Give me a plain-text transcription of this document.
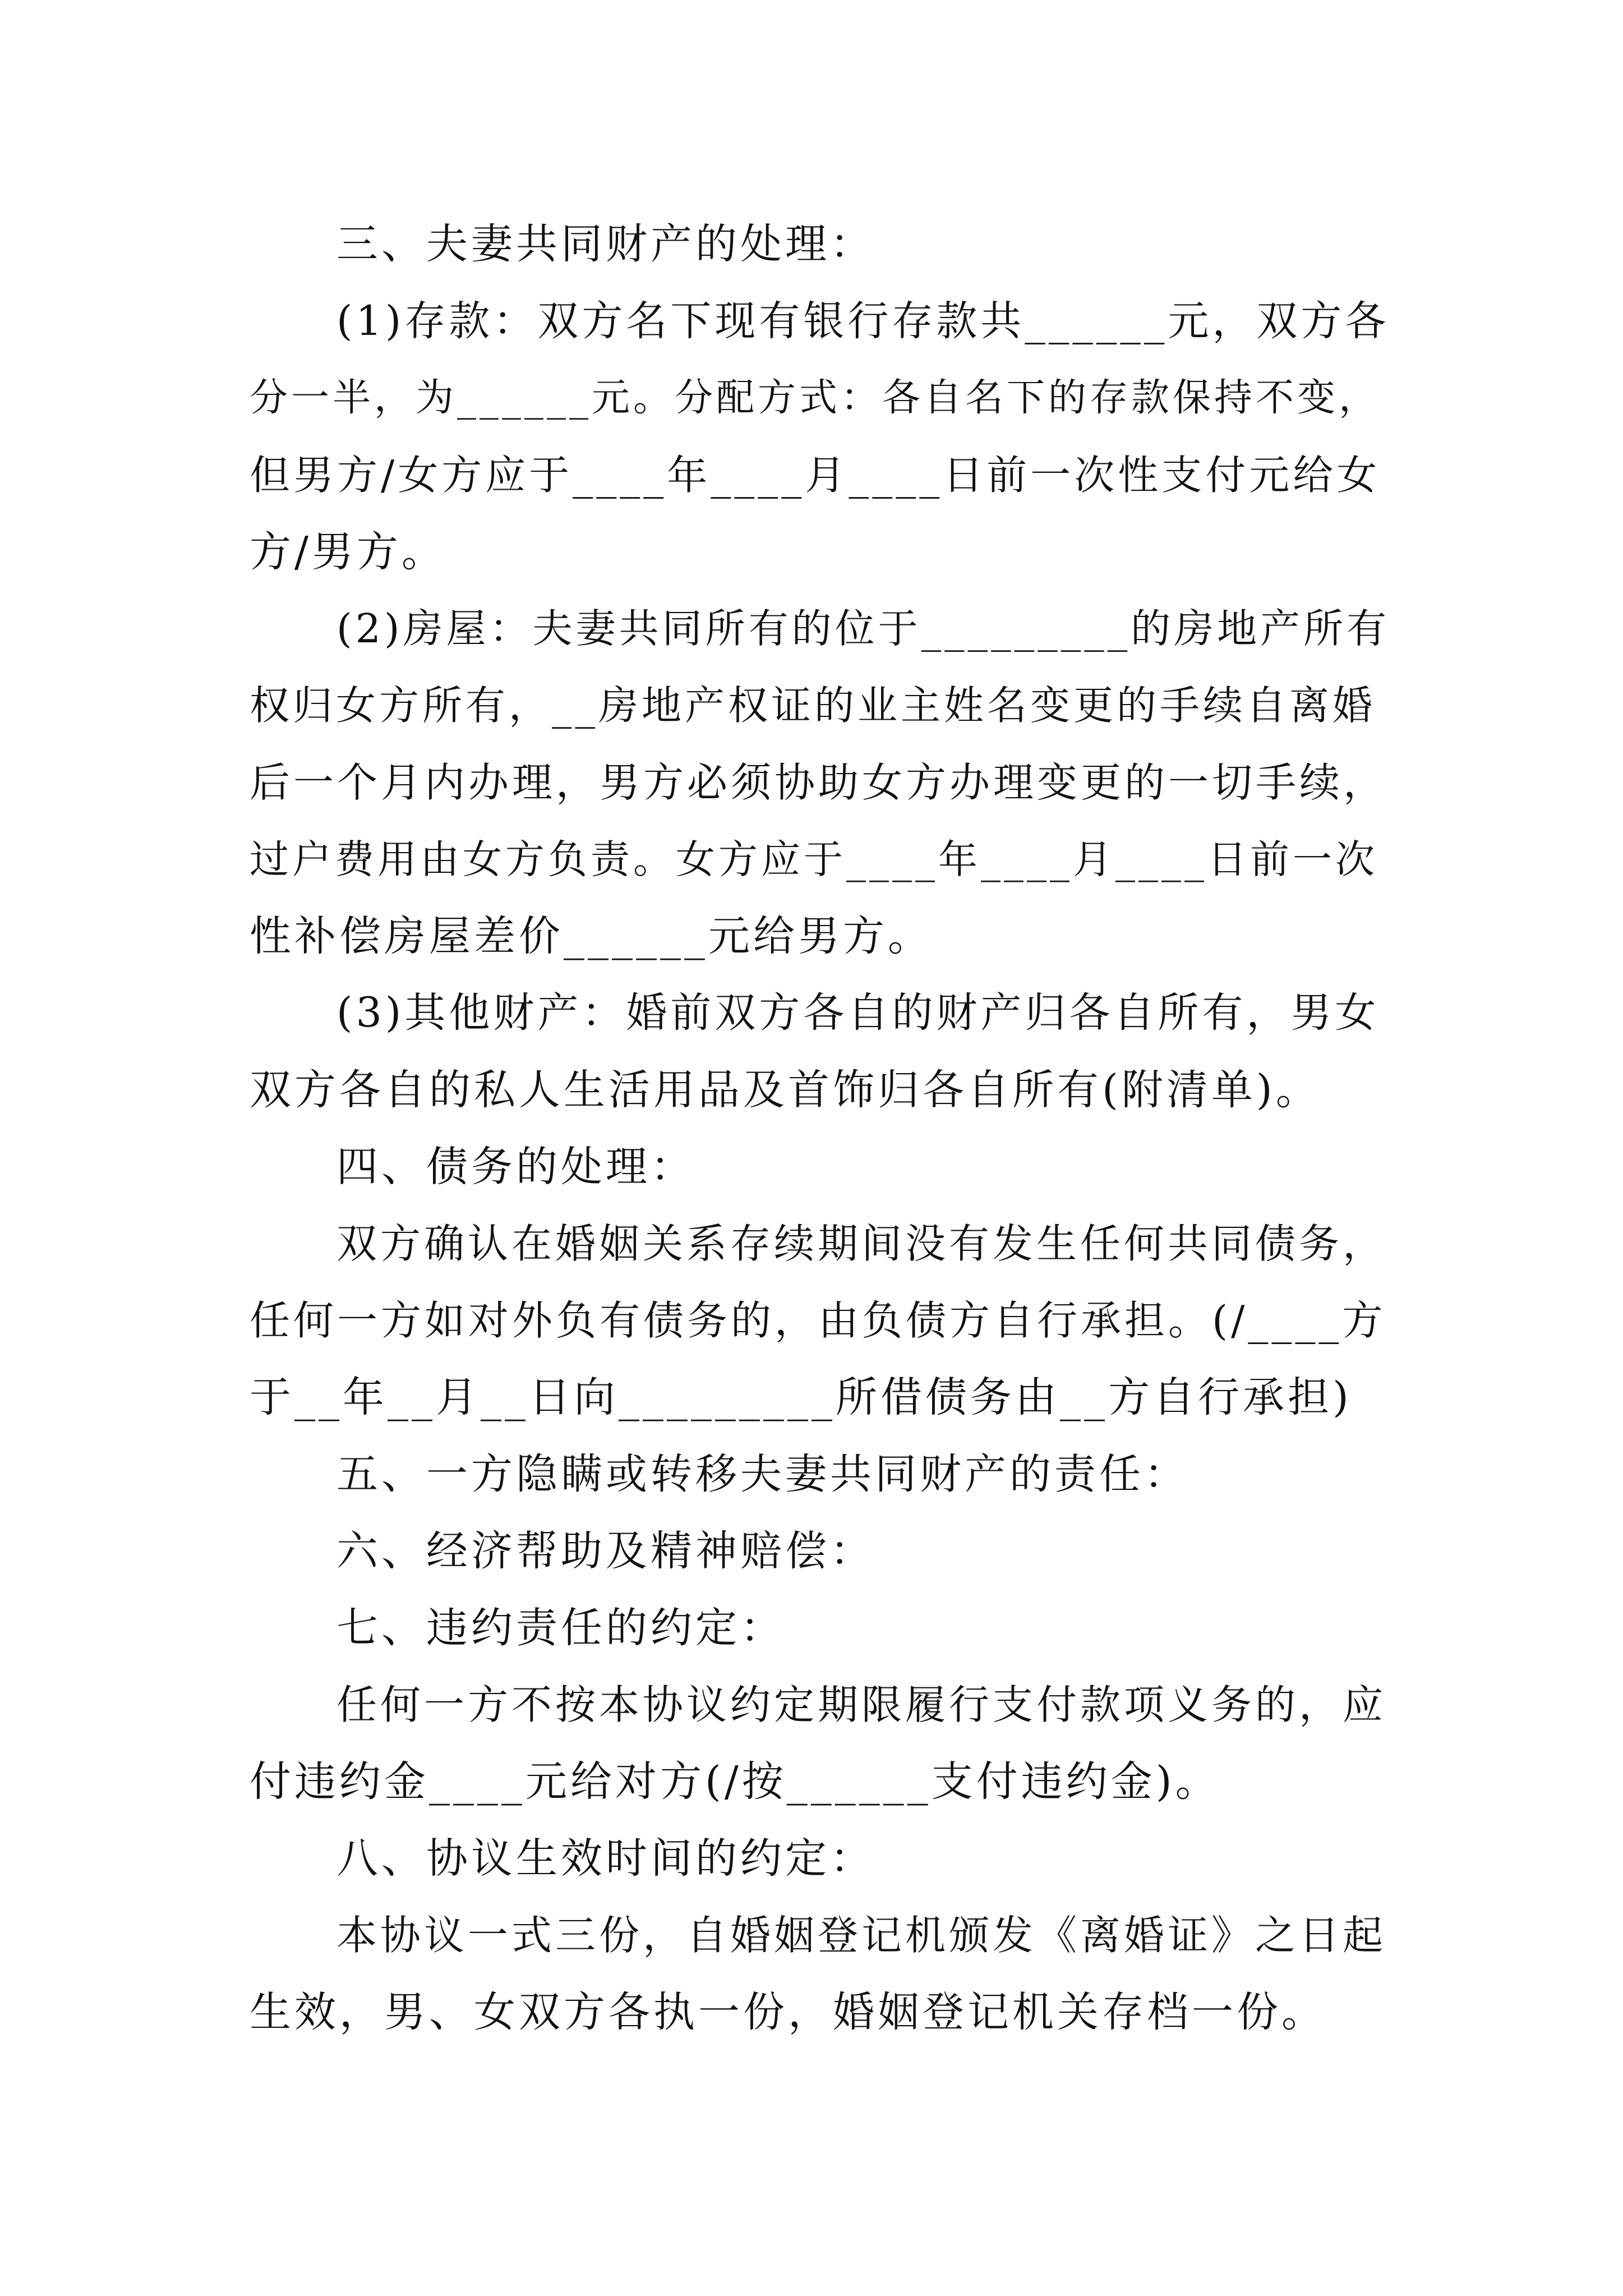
三、夫妻共同财产的处理：
(1)存款：双方名下现有银行存款共______元，双方各
分一半，为______元。分配方式：各自名下的存款保持不变，
但男方/女方应于____年____月____日前一次性支付元给女
方/男方。
(2)房屋：夫妻共同所有的位于_________的房地产所有
权归女方所有，__房地产权证的业主姓名变更的手续自离婚
后一个月内办理，男方必须协助女方办理变更的一切手续，
过户费用由女方负责。女方应于____年____月____日前一次
性补偿房屋差价______元给男方。
(3)其他财产：婚前双方各自的财产归各自所有，男女
双方各自的私人生活用品及首饰归各自所有(附清单)。
四、债务的处理：
双方确认在婚姻关系存续期间没有发生任何共同债务，
任何一方如对外负有债务的，由负债方自行承担。(/____方
于__年__月__日向_________所借债务由__方自行承担)
五、一方隐瞒或转移夫妻共同财产的责任：
六、经济帮助及精神赔偿：
七、违约责任的约定：
任何一方不按本协议约定期限履行支付款项义务的，应
付违约金____元给对方(/按______支付违约金)。
八、协议生效时间的约定：
本协议一式三份，自婚姻登记机颁发《离婚证》之日起
生效，男、女双方各执一份，婚姻登记机关存档一份。
